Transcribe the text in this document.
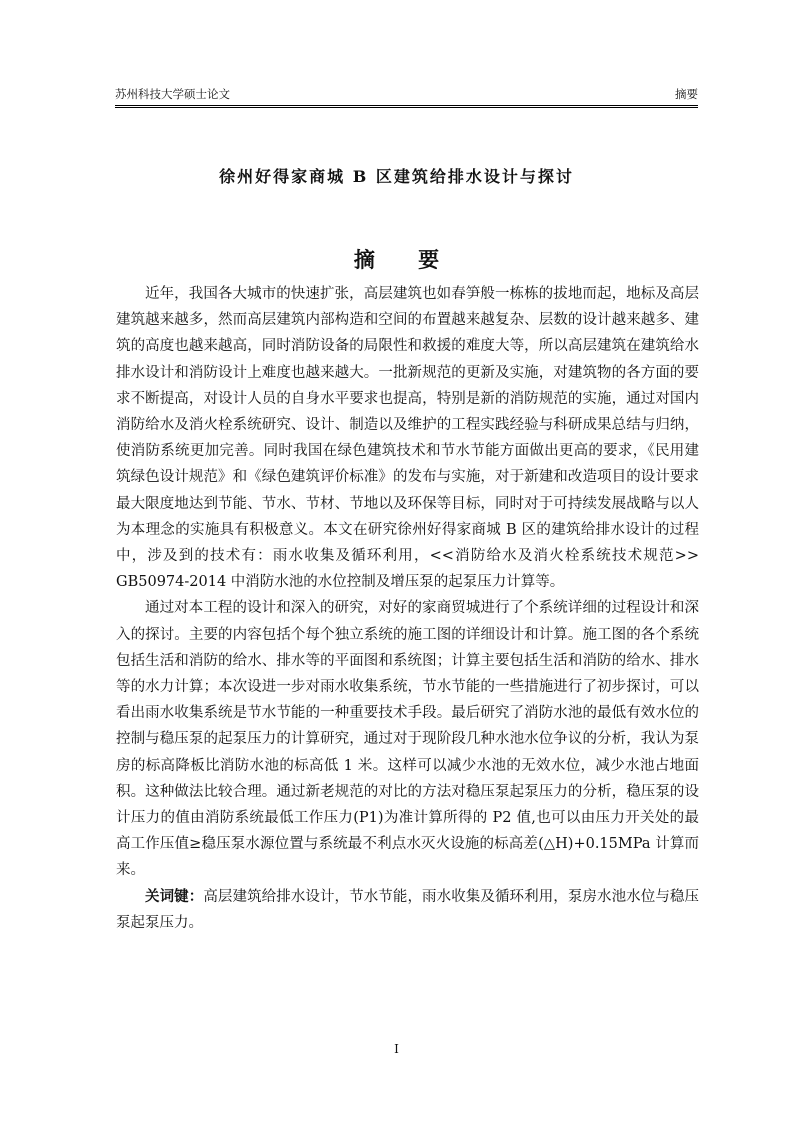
苏州科技大学硕士论文	摘要
徐州好得家商城 B 区建筑给排水设计与探讨
摘 要

近年，我国各大城市的快速扩张，高层建筑也如春笋般一栋栋的拔地而起，地标及高层建筑越来越多，然而高层建筑内部构造和空间的布置越来越复杂、层数的设计越来越多、建筑的高度也越来越高，同时消防设备的局限性和救援的难度大等，所以高层建筑在建筑给水排水设计和消防设计上难度也越来越大。一批新规范的更新及实施，对建筑物的各方面的要求不断提高，对设计人员的自身水平要求也提高，特别是新的消防规范的实施，通过对国内消防给水及消火栓系统研究、设计、制造以及维护的工程实践经验与科研成果总结与归纳，使消防系统更加完善。同时我国在绿色建筑技术和节水节能方面做出更高的要求，《民用建筑绿色设计规范》和《绿色建筑评价标准》的发布与实施，对于新建和改造项目的设计要求最大限度地达到节能、节水、节材、节地以及环保等目标，同时对于可持续发展战略与以人为本理念的实施具有积极意义。本文在研究徐州好得家商城 B 区的建筑给排水设计的过程中，涉及到的技术有：雨水收集及循环利用，<<消防给水及消火栓系统技术规范>> GB50974-2014 中消防水池的水位控制及增压泵的起泵压力计算等。

通过对本工程的设计和深入的研究，对好的家商贸城进行了个系统详细的过程设计和深入的探讨。主要的内容包括个每个独立系统的施工图的详细设计和计算。施工图的各个系统包括生活和消防的给水、排水等的平面图和系统图；计算主要包括生活和消防的给水、排水等的水力计算；本次设进一步对雨水收集系统，节水节能的一些措施进行了初步探讨，可以看出雨水收集系统是节水节能的一种重要技术手段。最后研究了消防水池的最低有效水位的控制与稳压泵的起泵压力的计算研究，通过对于现阶段几种水池水位争议的分析，我认为泵房的标高降板比消防水池的标高低 1 米。这样可以减少水池的无效水位，减少水池占地面积。这种做法比较合理。通过新老规范的对比的方法对稳压泵起泵压力的分析，稳压泵的设计压力的值由消防系统最低工作压力(P1)为准计算所得的 P2 值,也可以由压力开关处的最高工作压值≥稳压泵水源位置与系统最不利点水灭火设施的标高差(△H)+0.15MPa 计算而来。

关词键：高层建筑给排水设计，节水节能，雨水收集及循环利用，泵房水池水位与稳压泵起泵压力。

I
